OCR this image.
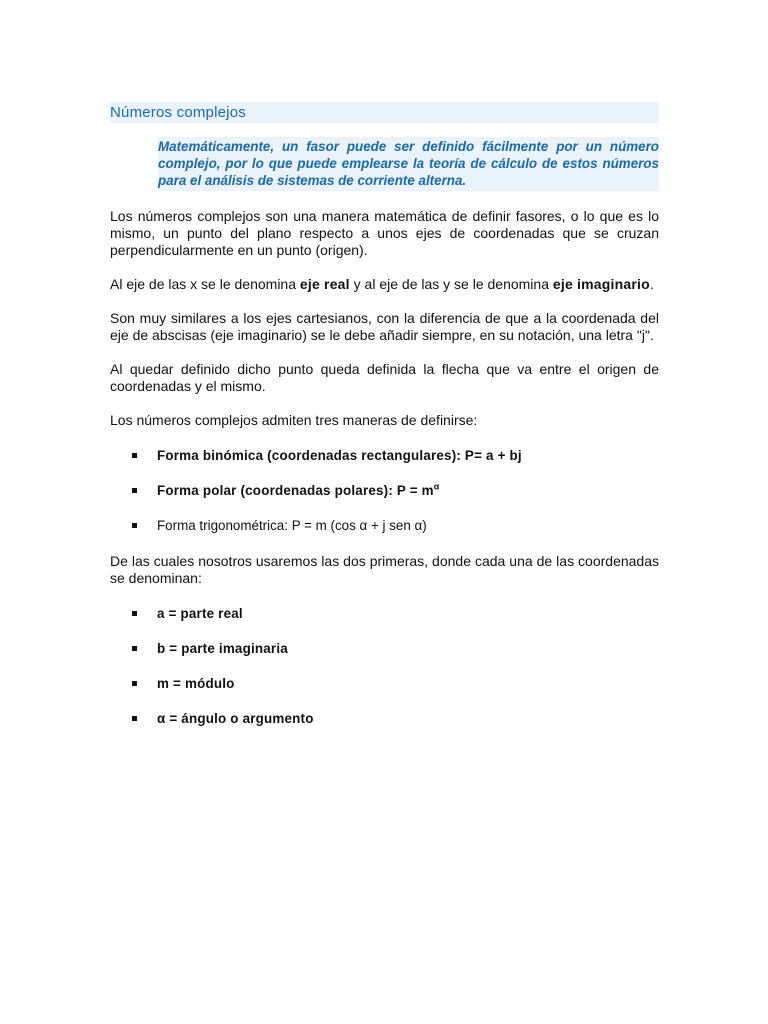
Números complejos
Matemáticamente, un fasor puede ser definido fácilmente por un número complejo, por lo que puede emplearse la teoría de cálculo de estos números para el análisis de sistemas de corriente alterna.

Los números complejos son una manera matemática de definir fasores, o lo que es lo mismo, un punto del plano respecto a unos ejes de coordenadas que se cruzan perpendicularmente en un punto (origen).

Al eje de las x se le denomina eje real y al eje de las y se le denomina eje imaginario.

Son muy similares a los ejes cartesianos, con la diferencia de que a la coordenada del eje de abscisas (eje imaginario) se le debe añadir siempre, en su notación, una letra "j".

Al quedar definido dicho punto queda definida la flecha que va entre el origen de coordenadas y el mismo.

Los números complejos admiten tres maneras de definirse:

Forma binómica (coordenadas rectangulares): P= a + bj
Forma polar (coordenadas polares): $P = m^\alpha$
Forma trigonométrica: P = m (cos α + j sen α)

De las cuales nosotros usaremos las dos primeras, donde cada una de las coordenadas se denominan:

a = parte real
b = parte imaginaria
m = módulo
α = ángulo o argumento
